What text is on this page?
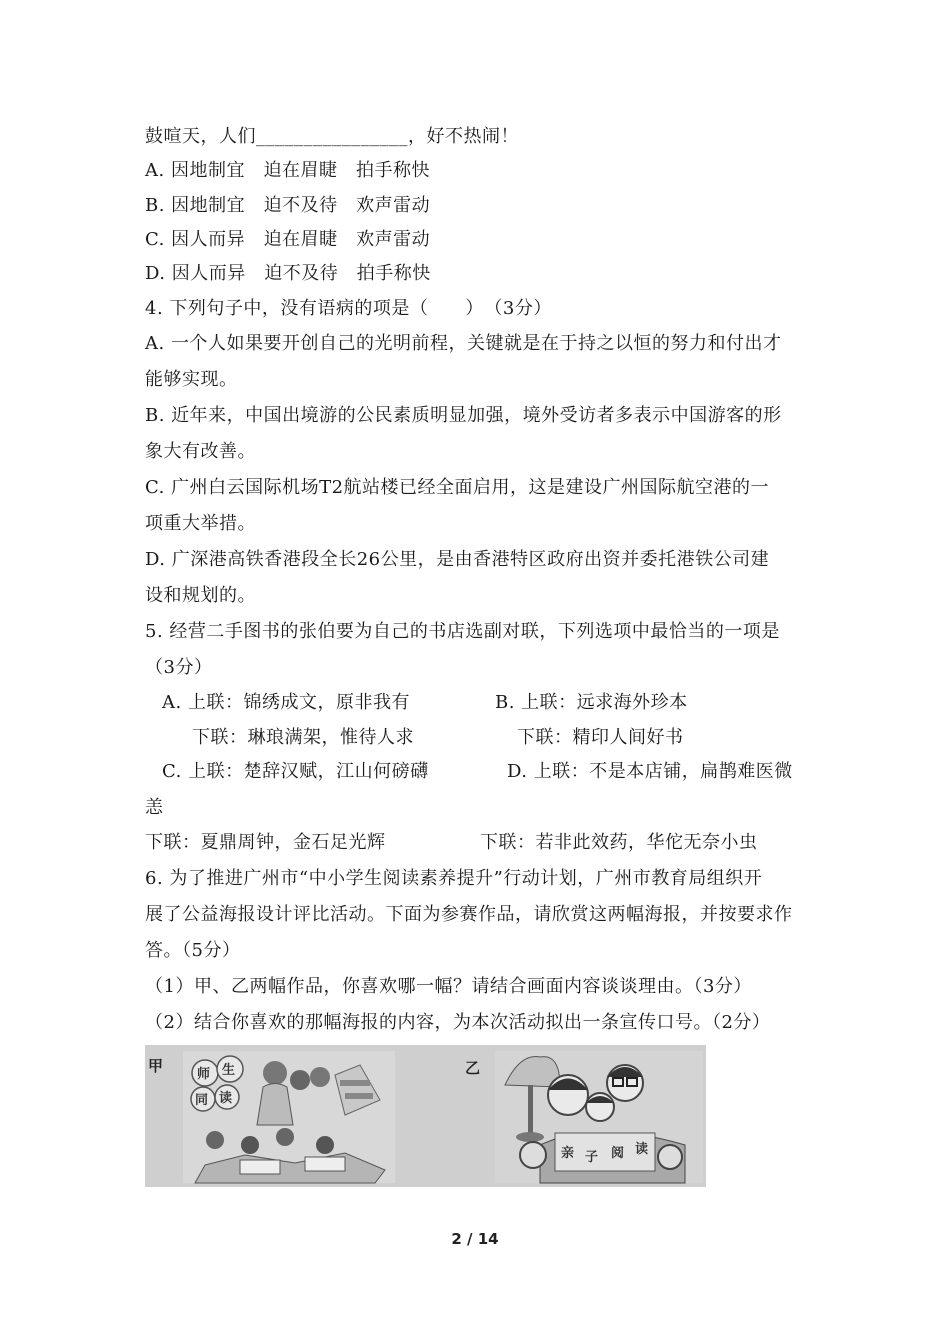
鼓喧天，人们________________，好不热闹！
A. 因地制宜　迫在眉睫　拍手称快
B. 因地制宜　迫不及待　欢声雷动
C. 因人而异　迫在眉睫　欢声雷动
D. 因人而异　迫不及待　拍手称快
4. 下列句子中，没有语病的项是（　　）　（3分）
A. 一个人如果要开创自己的光明前程，关键就是在于持之以恒的努力和付出才
能够实现。
B. 近年来，中国出境游的公民素质明显加强，境外受访者多表示中国游客的形
象大有改善。
C. 广州白云国际机场T2航站楼已经全面启用，这是建设广州国际航空港的一
项重大举措。
D. 广深港高铁香港段全长26公里，是由香港特区政府出资并委托港铁公司建
设和规划的。
5. 经营二手图书的张伯要为自己的书店选副对联，下列选项中最恰当的一项是
（3分）
A. 上联：锦绣成文，原非我有	B. 上联：远求海外珍本
下联：琳琅满架，惟待人求	下联：精印人间好书
C. 上联：楚辞汉赋，江山何磅礴	D. 上联：不是本店铺，扁鹊难医微
恙
下联：夏鼎周钟，金石足光辉	下联：若非此效药，华佗无奈小虫
6. 为了推进广州市“中小学生阅读素养提升”行动计划，广州市教育局组织开
展了公益海报设计评比活动。下面为参赛作品，请欣赏这两幅海报，并按要求作
答。（5分）
（1）甲、乙两幅作品，你喜欢哪一幅？请结合画面内容谈谈理由。（3分）
（2）结合你喜欢的那幅海报的内容，为本次活动拟出一条宣传口号。（2分）
甲	乙
师 生
同 读
亲 子 阅 读
2 / 14
